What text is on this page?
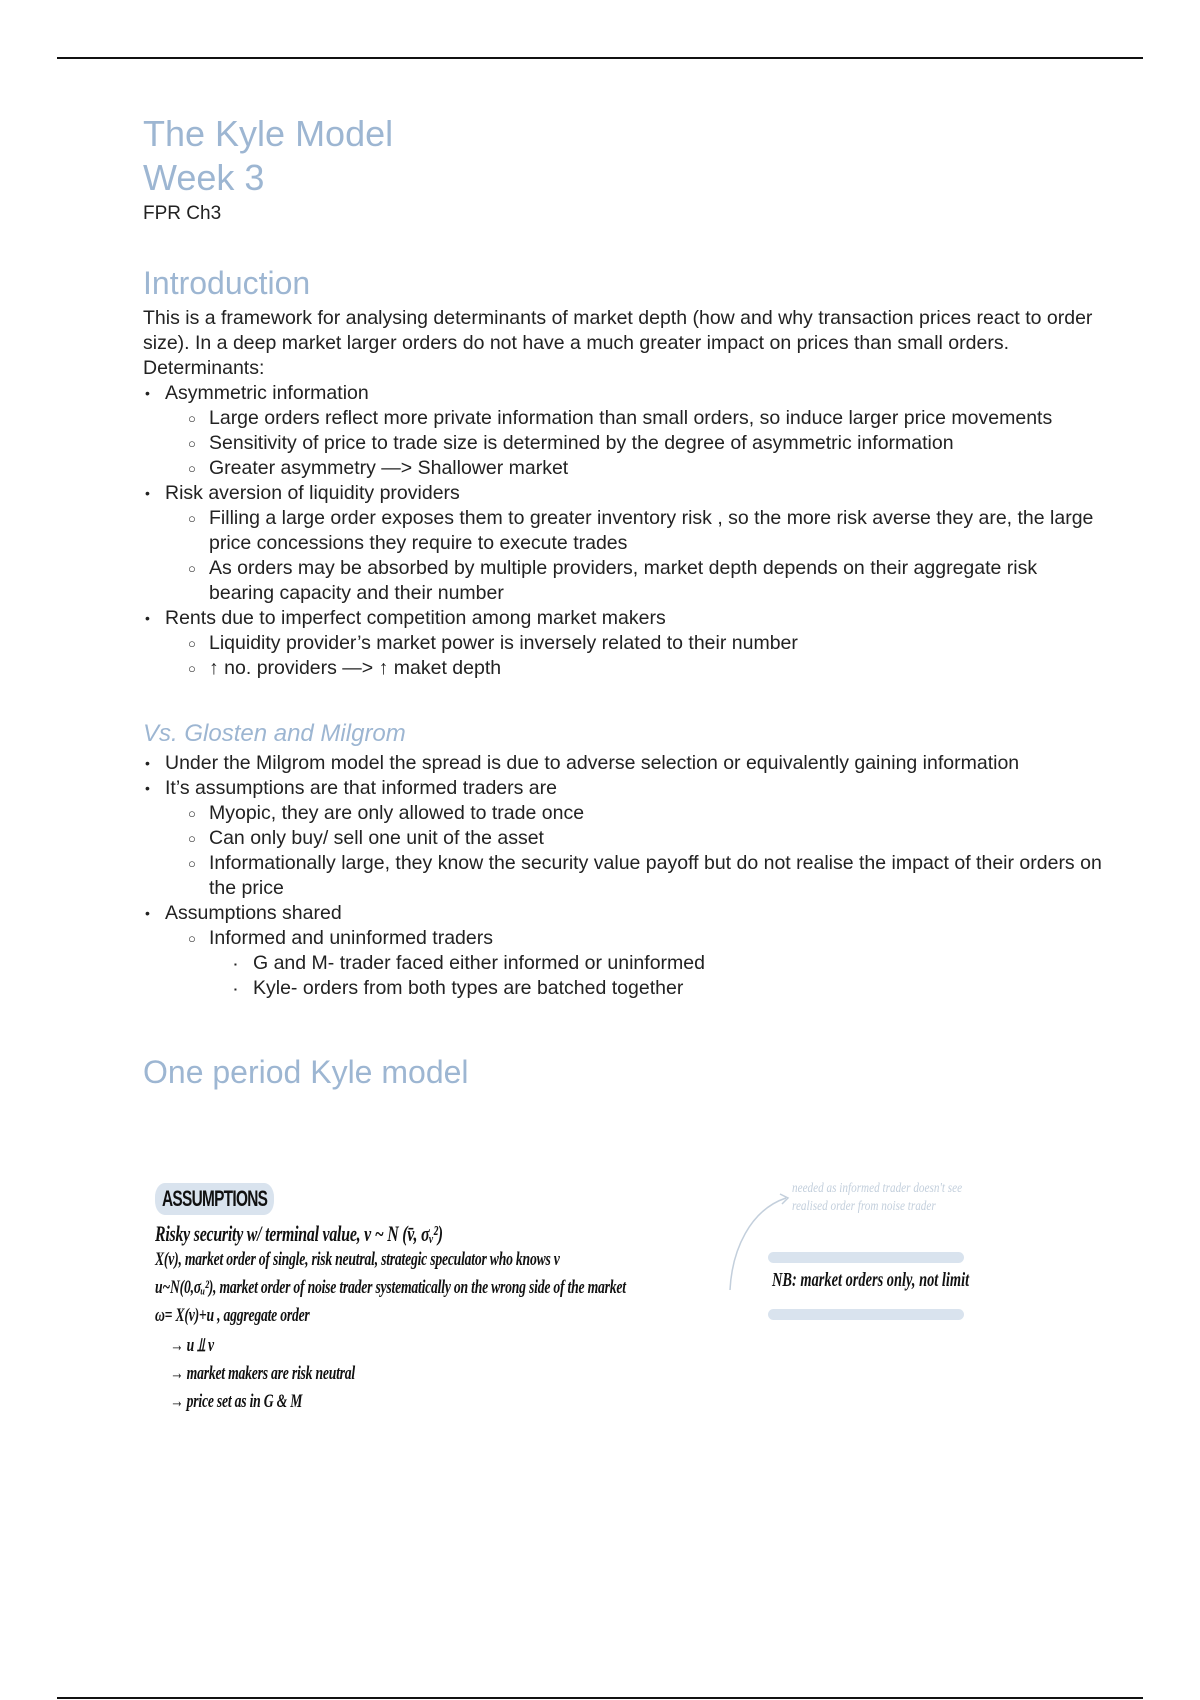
The Kyle Model
Week 3
FPR Ch3
Introduction

This is a framework for analysing determinants of market depth (how and why transaction prices react to order size). In a deep market larger orders do not have a much greater impact on prices than small orders.

Determinants:

• Asymmetric information
○ Large orders reflect more private information than small orders, so induce larger price movements
○ Sensitivity of price to trade size is determined by the degree of asymmetric information
○ Greater asymmetry —> Shallower market
• Risk aversion of liquidity providers
○ Filling a large order exposes them to greater inventory risk , so the more risk averse they are, the large price concessions they require to execute trades
○ As orders may be absorbed by multiple providers, market depth depends on their aggregate risk bearing capacity and their number
• Rents due to imperfect competition among market makers
○ Liquidity provider’s market power is inversely related to their number
○ ↑ no. providers —> ↑ maket depth
Vs. Glosten and Milgrom
• Under the Milgrom model the spread is due to adverse selection or equivalently gaining information
• It’s assumptions are that informed traders are
○ Myopic, they are only allowed to trade once
○ Can only buy/ sell one unit of the asset
○ Informationally large, they know the security value payoff but do not realise the impact of their orders on the price
• Assumptions shared
○ Informed and uninformed traders
▪ G and M- trader faced either informed or uninformed
▪ Kyle- orders from both types are batched together
One period Kyle model
ASSUMPTIONS
Risky security w/ terminal value, v ~ N (v̄, σᵥ²)
X(v), market order of single, risk neutral, strategic speculator who knows v
u~N(0,σᵤ²), market order of noise trader systematically on the wrong side of the market
ω= X(v)+u , aggregate order
→ u ⫫ v
→ market makers are risk neutral
→ price set as in G & M
needed as informed trader doesn't see
realised order from noise trader
NB: market orders only, not limit
